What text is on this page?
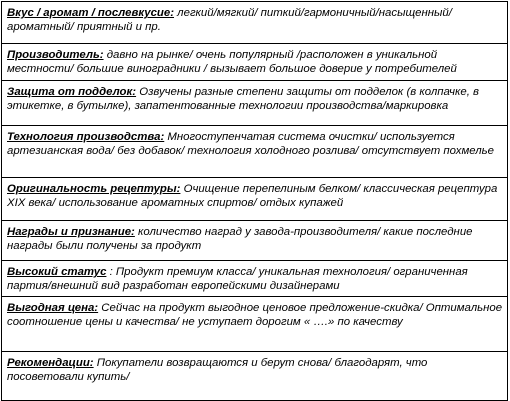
Вкус / аромат / послевкусие: легкий/мягкий/ питкий/гармоничный/насыщенный/ ароматный/ приятный и пр.
Производитель: давно на рынке/ очень популярный /расположен в уникальной местности/ большие виноградники / вызывает большое доверие у потребителей
Защита от подделок: Озвучены разные степени защиты от подделок (в колпачке, в этикетке, в бутылке), запатентованные технологии производства/маркировка
Технология производства: Многоступенчатая система очистки/ используется артезианская вода/ без добавок/ технология холодного розлива/ отсутствует похмелье
Оригинальность рецептуры: Очищение перепелиным белком/ классическая рецептура XIX века/ использование ароматных спиртов/ отдых купажей
Награды и признание: количество наград у завода-производителя/ какие последние награды были получены за продукт
Высокий статус : Продукт премиум класса/ уникальная технология/ ограниченная партия/внешний вид разработан европейскими дизайнерами
Выгодная цена: Сейчас на продукт выгодное ценовое предложение-скидка/ Оптимальное соотношение цены и качества/ не уступает дорогим « ….» по качеству
Рекомендации: Покупатели возвращаются и берут снова/ благодарят, что посоветовали купить/
